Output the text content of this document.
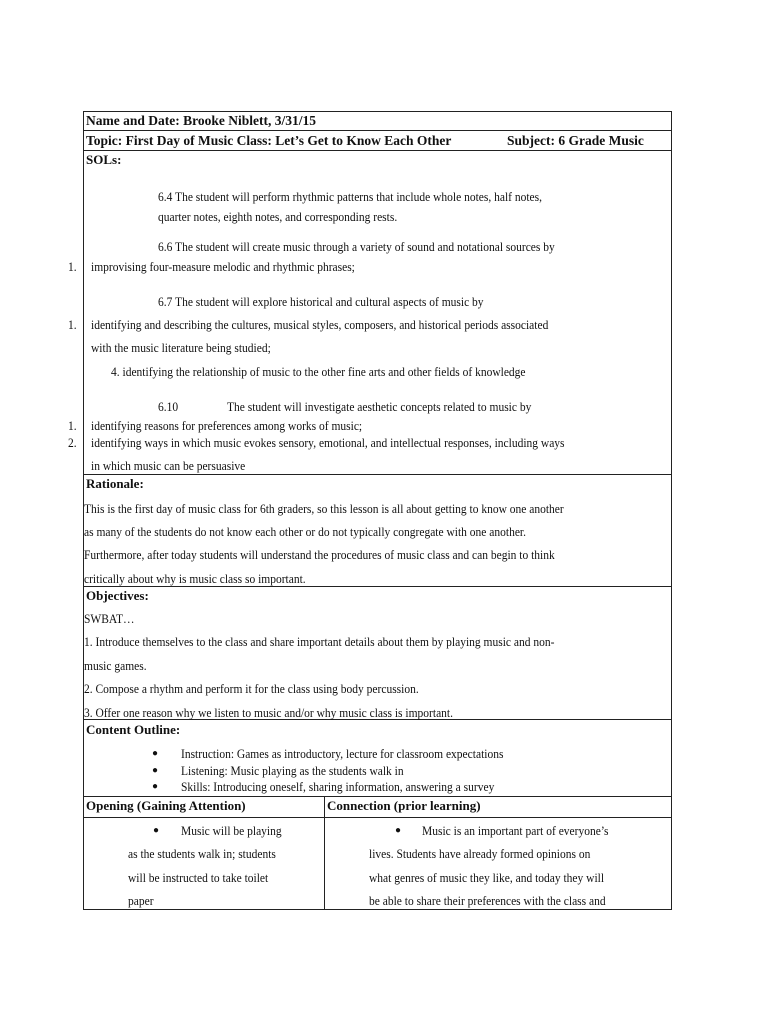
Name and Date: Brooke Niblett, 3/31/15
Topic: First Day of Music Class: Let’s Get to Know Each Other	Subject: 6 Grade Music
SOLs:
6.4 The student will perform rhythmic patterns that include whole notes, half notes,
quarter notes, eighth notes, and corresponding rests.
6.6 The student will create music through a variety of sound and notational sources by
1. improvising four-measure melodic and rhythmic phrases;
6.7 The student will explore historical and cultural aspects of music by
1. identifying and describing the cultures, musical styles, composers, and historical periods associated
with the music literature being studied;
4. identifying the relationship of music to the other fine arts and other fields of knowledge
6.10	The student will investigate aesthetic concepts related to music by
1. identifying reasons for preferences among works of music;
2. identifying ways in which music evokes sensory, emotional, and intellectual responses, including ways
in which music can be persuasive
Rationale:
This is the first day of music class for 6th graders, so this lesson is all about getting to know one another
as many of the students do not know each other or do not typically congregate with one another.
Furthermore, after today students will understand the procedures of music class and can begin to think
critically about why is music class so important.
Objectives:
SWBAT…
1. Introduce themselves to the class and share important details about them by playing music and non-
music games.
2. Compose a rhythm and perform it for the class using body percussion.
3. Offer one reason why we listen to music and/or why music class is important.
Content Outline:
● Instruction: Games as introductory, lecture for classroom expectations
● Listening: Music playing as the students walk in
● Skills: Introducing oneself, sharing information, answering a survey
Opening (Gaining Attention)	Connection (prior learning)
● Music will be playing
as the students walk in; students
will be instructed to take toilet
paper
● Music is an important part of everyone’s
lives. Students have already formed opinions on
what genres of music they like, and today they will
be able to share their preferences with the class and
